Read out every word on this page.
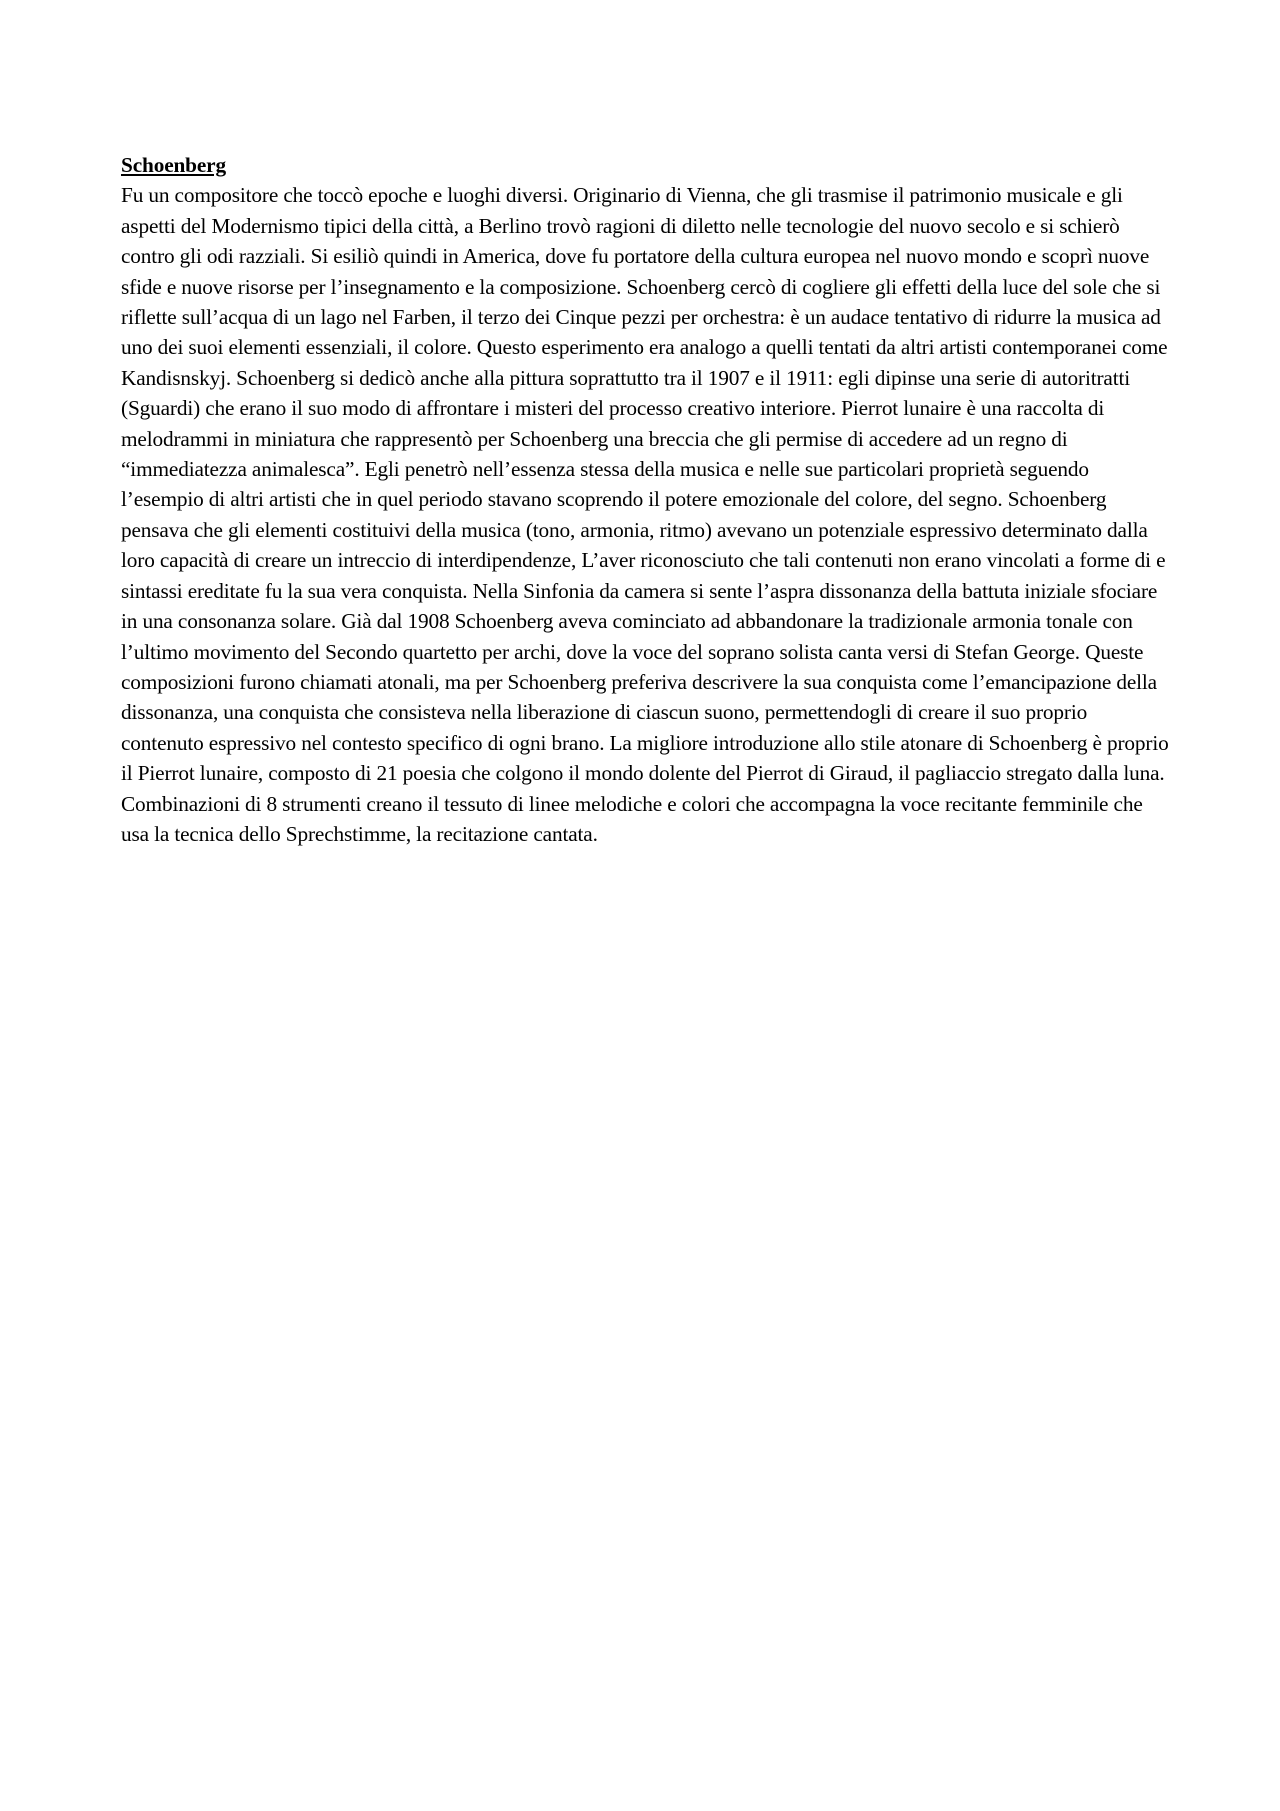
Schoenberg
Fu un compositore che toccò epoche e luoghi diversi. Originario di Vienna, che gli trasmise il patrimonio musicale e gli aspetti del Modernismo tipici della città, a Berlino trovò ragioni di diletto nelle tecnologie del nuovo secolo e si schierò contro gli odi razziali. Si esiliò quindi in America, dove fu portatore della cultura europea nel nuovo mondo e scoprì nuove sfide e nuove risorse per l’insegnamento e la composizione. Schoenberg cercò di cogliere gli effetti della luce del sole che si riflette sull’acqua di un lago nel Farben, il terzo dei Cinque pezzi per orchestra: è un audace tentativo di ridurre la musica ad uno dei suoi elementi essenziali, il colore. Questo esperimento era analogo a quelli tentati da altri artisti contemporanei come Kandisnskyj. Schoenberg si dedicò anche alla pittura soprattutto tra il 1907 e il 1911: egli dipinse una serie di autoritratti (Sguardi) che erano il suo modo di affrontare i misteri del processo creativo interiore. Pierrot lunaire è una raccolta di melodrammi in miniatura che rappresentò per Schoenberg una breccia che gli permise di accedere ad un regno di “immediatezza animalesca”. Egli penetrò nell’essenza stessa della musica e nelle sue particolari proprietà seguendo l’esempio di altri artisti che in quel periodo stavano scoprendo il potere emozionale del colore, del segno. Schoenberg pensava che gli elementi costituivi della musica (tono, armonia, ritmo) avevano un potenziale espressivo determinato dalla loro capacità di creare un intreccio di interdipendenze, L’aver riconosciuto che tali contenuti non erano vincolati a forme di e sintassi ereditate fu la sua vera conquista. Nella Sinfonia da camera si sente l’aspra dissonanza della battuta iniziale sfociare in una consonanza solare. Già dal 1908 Schoenberg aveva cominciato ad abbandonare la tradizionale armonia tonale con l’ultimo movimento del Secondo quartetto per archi, dove la voce del soprano solista canta versi di Stefan George. Queste composizioni furono chiamati atonali, ma per Schoenberg preferiva descrivere la sua conquista come l’emancipazione della dissonanza, una conquista che consisteva nella liberazione di ciascun suono, permettendogli di creare il suo proprio contenuto espressivo nel contesto specifico di ogni brano. La migliore introduzione allo stile atonare di Schoenberg è proprio il Pierrot lunaire, composto di 21 poesia che colgono il mondo dolente del Pierrot di Giraud, il pagliaccio stregato dalla luna. Combinazioni di 8 strumenti creano il tessuto di linee melodiche e colori che accompagna la voce recitante femminile che usa la tecnica dello Sprechstimme, la recitazione cantata.
